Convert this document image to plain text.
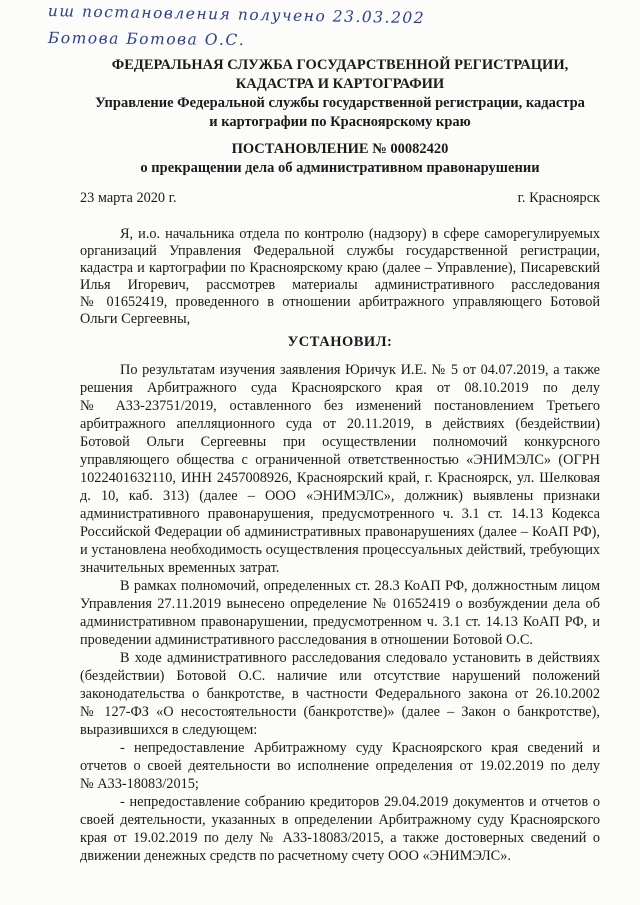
иш постановления получено 23.03.202
Ботова Ботова О.С.
ФЕДЕРАЛЬНАЯ СЛУЖБА ГОСУДАРСТВЕННОЙ РЕГИСТРАЦИИ,
КАДАСТРА И КАРТОГРАФИИ
Управление Федеральной службы государственной регистрации, кадастра
и картографии по Красноярскому краю
ПОСТАНОВЛЕНИЕ № 00082420
о прекращении дела об административном правонарушении
23 марта 2020 г.	г. Красноярск
Я, и.о. начальника отдела по контролю (надзору) в сфере саморегулируемых
организаций Управления Федеральной службы государственной регистрации,
кадастра и картографии по Красноярскому краю (далее – Управление), Писаревский
Илья Игоревич, рассмотрев материалы административного расследования
№ 01652419, проведенного в отношении арбитражного управляющего Ботовой
Ольги Сергеевны,
УСТАНОВИЛ:
По результатам изучения заявления Юричук И.Е. № 5 от 04.07.2019, а также
решения Арбитражного суда Красноярского края от 08.10.2019 по делу
№ А33-23751/2019, оставленного без изменений постановлением Третьего
арбитражного апелляционного суда от 20.11.2019, в действиях (бездействии)
Ботовой Ольги Сергеевны при осуществлении полномочий конкурсного
управляющего общества с ограниченной ответственностью «ЭНИМЭЛС» (ОГРН
1022401632110, ИНН 2457008926, Красноярский край, г. Красноярск, ул. Шелковая
д. 10, каб. 313) (далее – ООО «ЭНИМЭЛС», должник) выявлены признаки
административного правонарушения, предусмотренного ч. 3.1 ст. 14.13 Кодекса
Российской Федерации об административных правонарушениях (далее – КоАП РФ),
и установлена необходимость осуществления процессуальных действий, требующих
значительных временных затрат.
В рамках полномочий, определенных ст. 28.3 КоАП РФ, должностным лицом
Управления 27.11.2019 вынесено определение № 01652419 о возбуждении дела об
административном правонарушении, предусмотренном ч. 3.1 ст. 14.13 КоАП РФ, и
проведении административного расследования в отношении Ботовой О.С.
В ходе административного расследования следовало установить в действиях
(бездействии) Ботовой О.С. наличие или отсутствие нарушений положений
законодательства о банкротстве, в частности Федерального закона от 26.10.2002
№ 127-ФЗ «О несостоятельности (банкротстве)» (далее – Закон о банкротстве),
выразившихся в следующем:
- непредоставление Арбитражному суду Красноярского края сведений и
отчетов о своей деятельности во исполнение определения от 19.02.2019 по делу
№ А33-18083/2015;
- непредоставление собранию кредиторов 29.04.2019 документов и отчетов о
своей деятельности, указанных в определении Арбитражному суду Красноярского
края от 19.02.2019 по делу № А33-18083/2015, а также достоверных сведений о
движении денежных средств по расчетному счету ООО «ЭНИМЭЛС».
